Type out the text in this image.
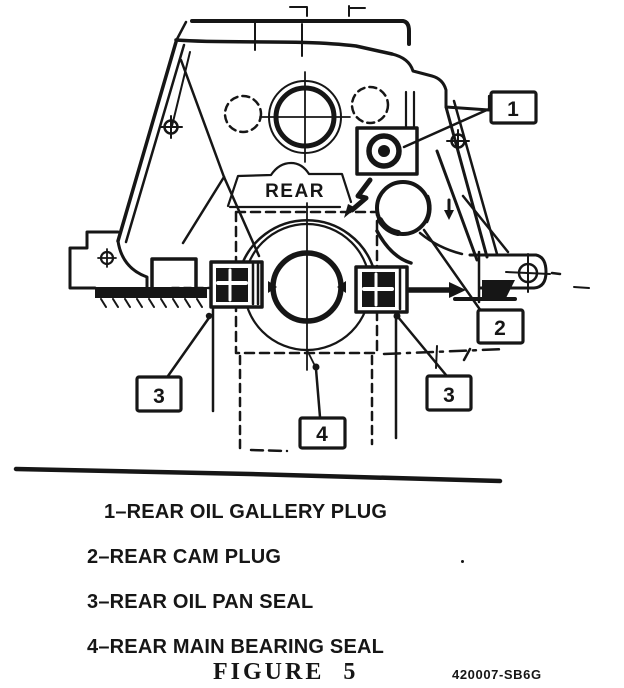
1
2
3	3
4
REAR
1–REAR OIL GALLERY PLUG
2–REAR CAM PLUG
3–REAR OIL PAN SEAL
4–REAR MAIN BEARING SEAL
FIGURE 5	420007-SB6G
